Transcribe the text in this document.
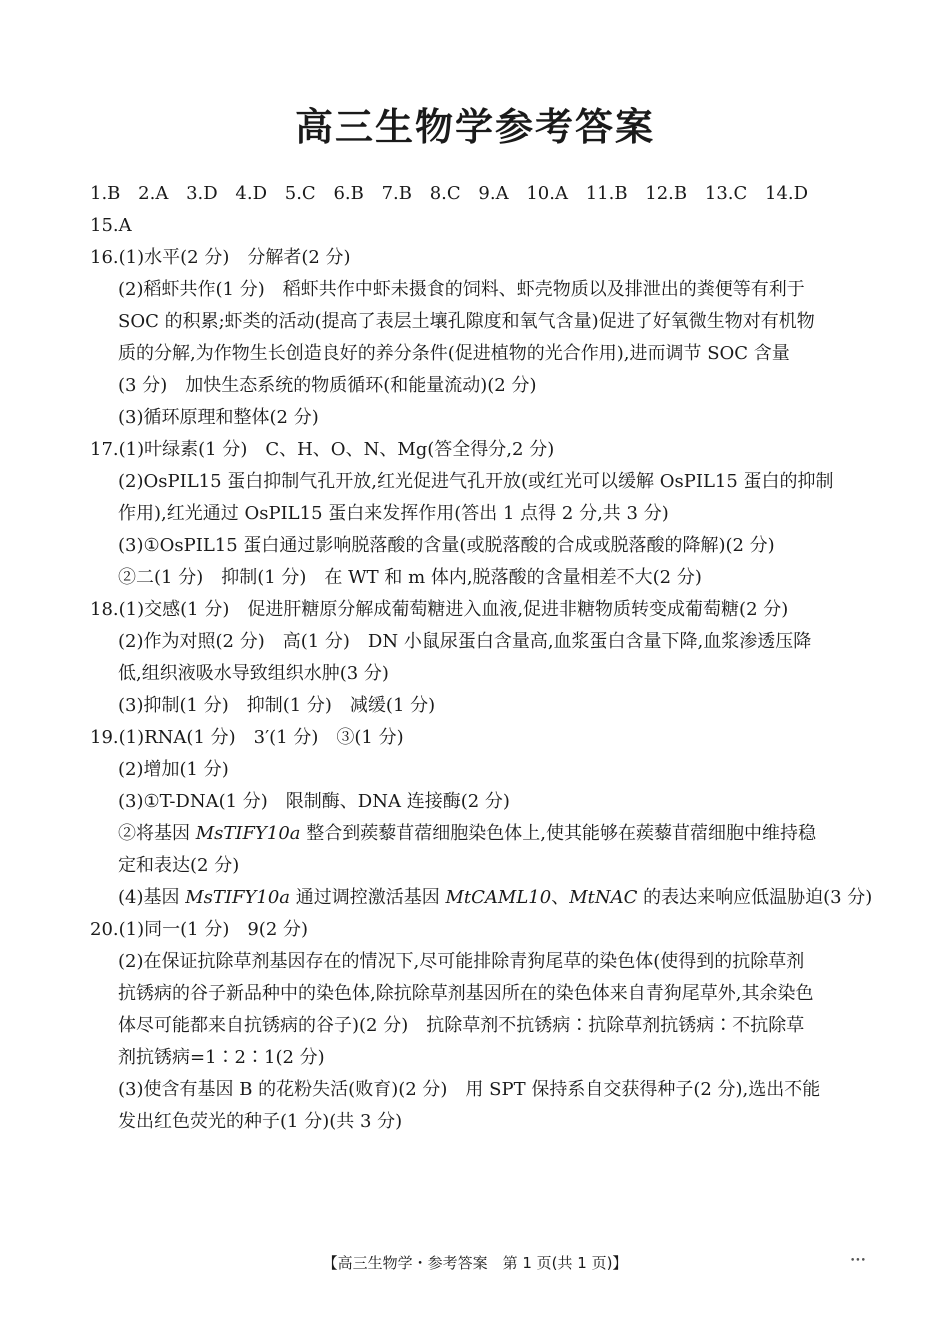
高三生物学参考答案
1.B 2.A 3.D 4.D 5.C 6.B 7.B 8.C 9.A 10.A 11.B 12.B 13.C 14.D
15.A
16.(1)水平(2 分)　分解者(2 分)
(2)稻虾共作(1 分)　稻虾共作中虾未摄食的饲料、虾壳物质以及排泄出的粪便等有利于
SOC 的积累;虾类的活动(提高了表层土壤孔隙度和氧气含量)促进了好氧微生物对有机物
质的分解,为作物生长创造良好的养分条件(促进植物的光合作用),进而调节 SOC 含量
(3 分)　加快生态系统的物质循环(和能量流动)(2 分)
(3)循环原理和整体(2 分)
17.(1)叶绿素(1 分)　C、H、O、N、Mg(答全得分,2 分)
(2)OsPIL15 蛋白抑制气孔开放,红光促进气孔开放(或红光可以缓解 OsPIL15 蛋白的抑制
作用),红光通过 OsPIL15 蛋白来发挥作用(答出 1 点得 2 分,共 3 分)
(3)①OsPIL15 蛋白通过影响脱落酸的含量(或脱落酸的合成或脱落酸的降解)(2 分)
②二(1 分)　抑制(1 分)　在 WT 和 m 体内,脱落酸的含量相差不大(2 分)
18.(1)交感(1 分)　促进肝糖原分解成葡萄糖进入血液,促进非糖物质转变成葡萄糖(2 分)
(2)作为对照(2 分)　高(1 分)　DN 小鼠尿蛋白含量高,血浆蛋白含量下降,血浆渗透压降
低,组织液吸水导致组织水肿(3 分)
(3)抑制(1 分)　抑制(1 分)　减缓(1 分)
19.(1)RNA(1 分)　3′(1 分)　③(1 分)
(2)增加(1 分)
(3)①T-DNA(1 分)　限制酶、DNA 连接酶(2 分)
②将基因 MsTIFY10a 整合到蒺藜苜蓿细胞染色体上,使其能够在蒺藜苜蓿细胞中维持稳
定和表达(2 分)
(4)基因 MsTIFY10a 通过调控激活基因 MtCAML10、MtNAC 的表达来响应低温胁迫(3 分)
20.(1)同一(1 分)　9(2 分)
(2)在保证抗除草剂基因存在的情况下,尽可能排除青狗尾草的染色体(使得到的抗除草剂
抗锈病的谷子新品种中的染色体,除抗除草剂基因所在的染色体来自青狗尾草外,其余染色
体尽可能都来自抗锈病的谷子)(2 分)　抗除草剂不抗锈病∶抗除草剂抗锈病∶不抗除草
剂抗锈病=1∶2∶1(2 分)
(3)使含有基因 B 的花粉失活(败育)(2 分)　用 SPT 保持系自交获得种子(2 分),选出不能
发出红色荧光的种子(1 分)(共 3 分)
【高三生物学・参考答案　第 1 页(共 1 页)】	•••
